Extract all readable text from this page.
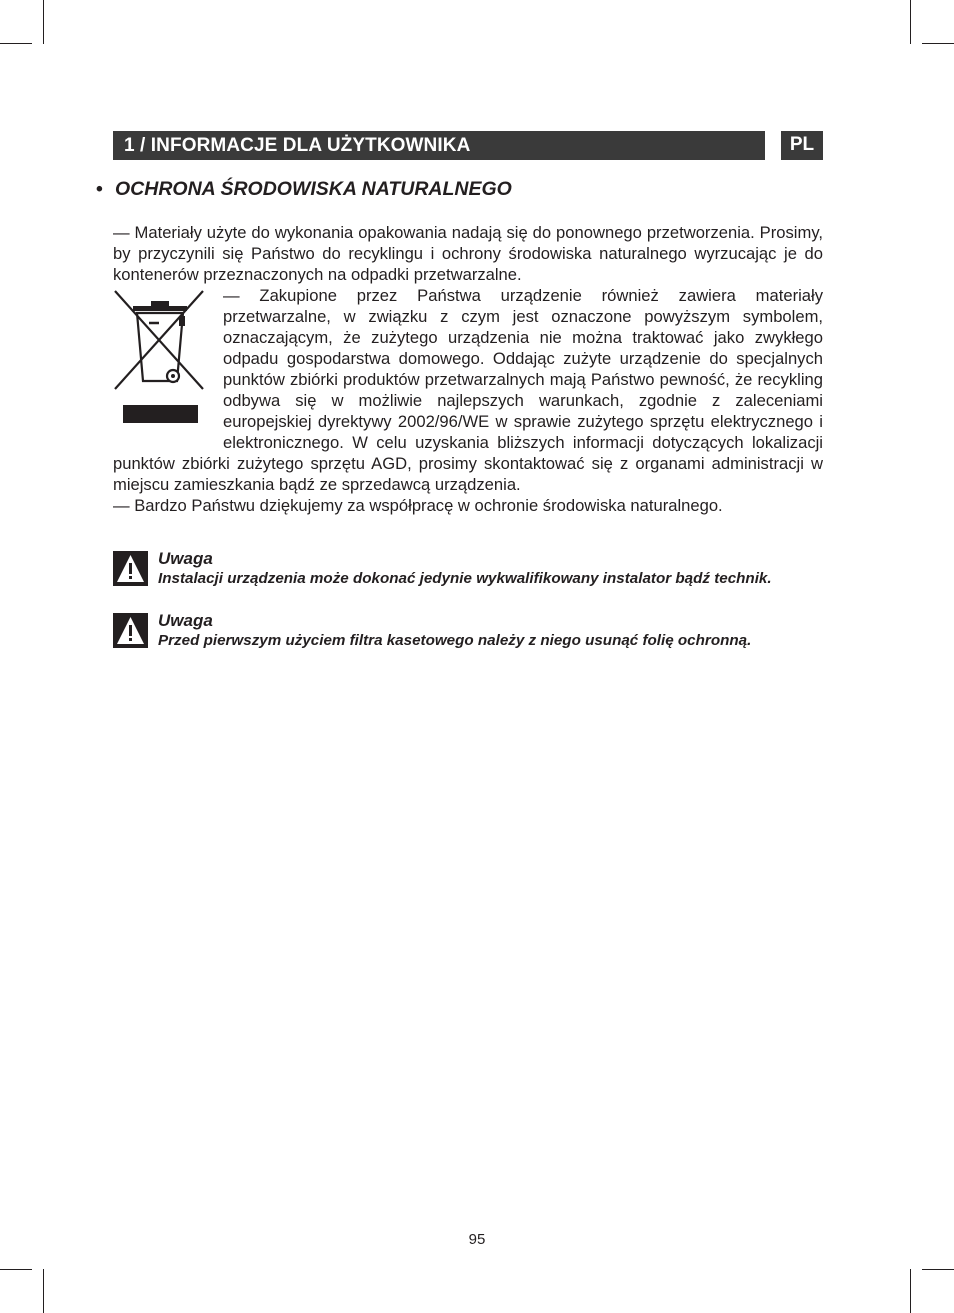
1 / INFORMACJE DLA UŻYTKOWNIKA	PL
• OCHRONA ŚRODOWISKA NATURALNEGO
— Materiały użyte do wykonania opakowania nadają się do ponownego przetworzenia. Prosimy, by przyczynili się Państwo do recyklingu i ochrony środowiska naturalnego wyrzucając je do kontenerów przeznaczonych na odpadki przetwarzalne.
— Zakupione przez Państwa urządzenie również zawiera materiały przetwarzalne, w związku z czym jest oznaczone powyższym symbolem, oznaczającym, że zużytego urządzenia nie można traktować jako zwykłego odpadu gospodarstwa domowego. Oddając zużyte urządzenie do specjalnych punktów zbiórki produktów przetwarzalnych mają Państwo pewność, że recykling odbywa się w możliwie najlepszych warunkach, zgodnie z zaleceniami europejskiej dyrektywy 2002/96/WE w sprawie zużytego sprzętu elektrycznego i elektronicznego. W celu uzyskania bliższych informacji dotyczących lokalizacji punktów zbiórki zużytego sprzętu AGD, prosimy skontaktować się z organami administracji w miejscu zamieszkania bądź ze sprzedawcą urządzenia.
— Bardzo Państwu dziękujemy za współpracę w ochronie środowiska naturalnego.
Uwaga
Instalacji urządzenia może dokonać jedynie wykwalifikowany instalator bądź technik.
Uwaga
Przed pierwszym użyciem filtra kasetowego należy z niego usunąć folię ochronną.
95
